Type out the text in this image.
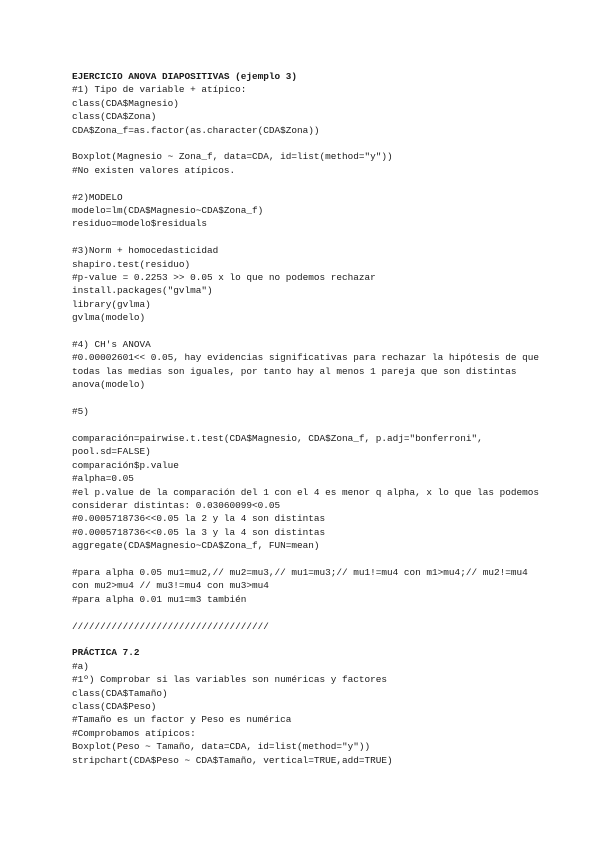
EJERCICIO ANOVA DIAPOSITIVAS (ejemplo 3)
#1) Tipo de variable + atípico:
class(CDA$Magnesio)
class(CDA$Zona)
CDA$Zona_f=as.factor(as.character(CDA$Zona))
Boxplot(Magnesio ~ Zona_f, data=CDA, id=list(method="y"))
#No existen valores atípicos.
#2)MODELO
modelo=lm(CDA$Magnesio~CDA$Zona_f)
residuo=modelo$residuals
#3)Norm + homocedasticidad
shapiro.test(residuo)
#p-value = 0.2253 >> 0.05 x lo que no podemos rechazar
install.packages("gvlma")
library(gvlma)
gvlma(modelo)
#4) CH's ANOVA
#0.00002601<< 0.05, hay evidencias significativas para rechazar la hipótesis de que todas las medias son iguales, por tanto hay al menos 1 pareja que son distintas
anova(modelo)
#5)
comparación=pairwise.t.test(CDA$Magnesio, CDA$Zona_f, p.adj="bonferroni", pool.sd=FALSE)
comparación$p.value
#alpha=0.05
#el p.value de la comparación del 1 con el 4 es menor q alpha, x lo que las podemos considerar distintas: 0.03060099<0.05
#0.0005718736<<0.05 la 2 y la 4 son distintas
#0.0005718736<<0.05 la 3 y la 4 son distintas
aggregate(CDA$Magnesio~CDA$Zona_f, FUN=mean)
#para alpha 0.05 mu1=mu2,// mu2=mu3,// mu1=mu3;// mu1!=mu4 con m1>mu4;// mu2!=mu4 con mu2>mu4 // mu3!=mu4 con mu3>mu4
#para alpha 0.01 mu1=m3 también
///////////////////////////////////
PRÁCTICA 7.2
#a)
#1º) Comprobar si las variables son numéricas y factores
class(CDA$Tamaño)
class(CDA$Peso)
#Tamaño es un factor y Peso es numérica
#Comprobamos atípicos:
Boxplot(Peso ~ Tamaño, data=CDA, id=list(method="y"))
stripchart(CDA$Peso ~ CDA$Tamaño, vertical=TRUE,add=TRUE)
